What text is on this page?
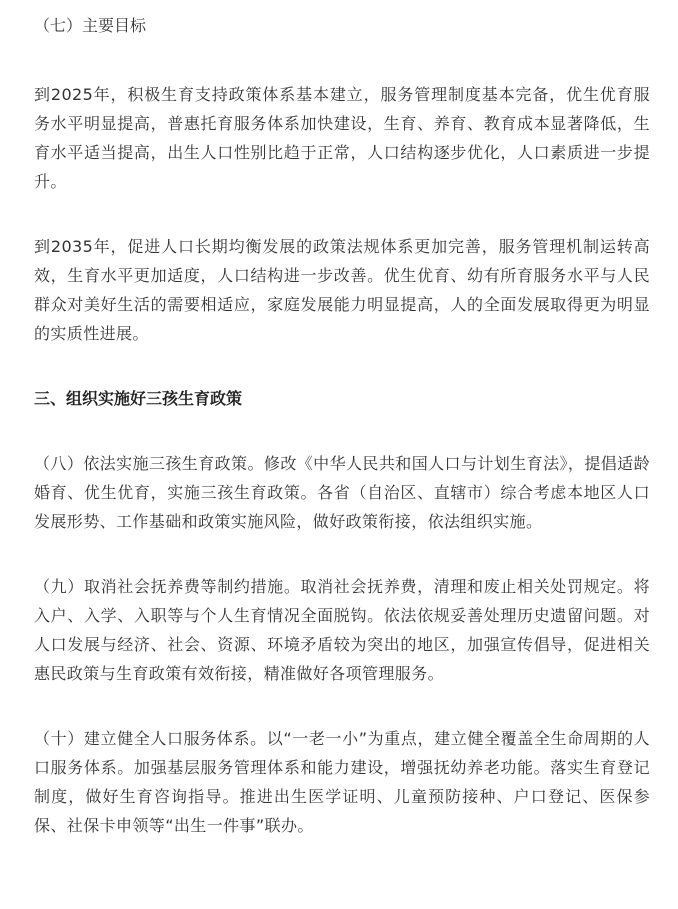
（七）主要目标

到2025年，积极生育支持政策体系基本建立，服务管理制度基本完备，优生优育服务水平明显提高，普惠托育服务体系加快建设，生育、养育、教育成本显著降低，生育水平适当提高，出生人口性别比趋于正常，人口结构逐步优化，人口素质进一步提升。

到2035年，促进人口长期均衡发展的政策法规体系更加完善，服务管理机制运转高效，生育水平更加适度，人口结构进一步改善。优生优育、幼有所育服务水平与人民群众对美好生活的需要相适应，家庭发展能力明显提高，人的全面发展取得更为明显的实质性进展。

三、组织实施好三孩生育政策

（八）依法实施三孩生育政策。修改《中华人民共和国人口与计划生育法》，提倡适龄婚育、优生优育，实施三孩生育政策。各省（自治区、直辖市）综合考虑本地区人口发展形势、工作基础和政策实施风险，做好政策衔接，依法组织实施。

（九）取消社会抚养费等制约措施。取消社会抚养费，清理和废止相关处罚规定。将入户、入学、入职等与个人生育情况全面脱钩。依法依规妥善处理历史遗留问题。对人口发展与经济、社会、资源、环境矛盾较为突出的地区，加强宣传倡导，促进相关惠民政策与生育政策有效衔接，精准做好各项管理服务。

（十）建立健全人口服务体系。以“一老一小”为重点，建立健全覆盖全生命周期的人口服务体系。加强基层服务管理体系和能力建设，增强抚幼养老功能。落实生育登记制度，做好生育咨询指导。推进出生医学证明、儿童预防接种、户口登记、医保参保、社保卡申领等“出生一件事”联办。
